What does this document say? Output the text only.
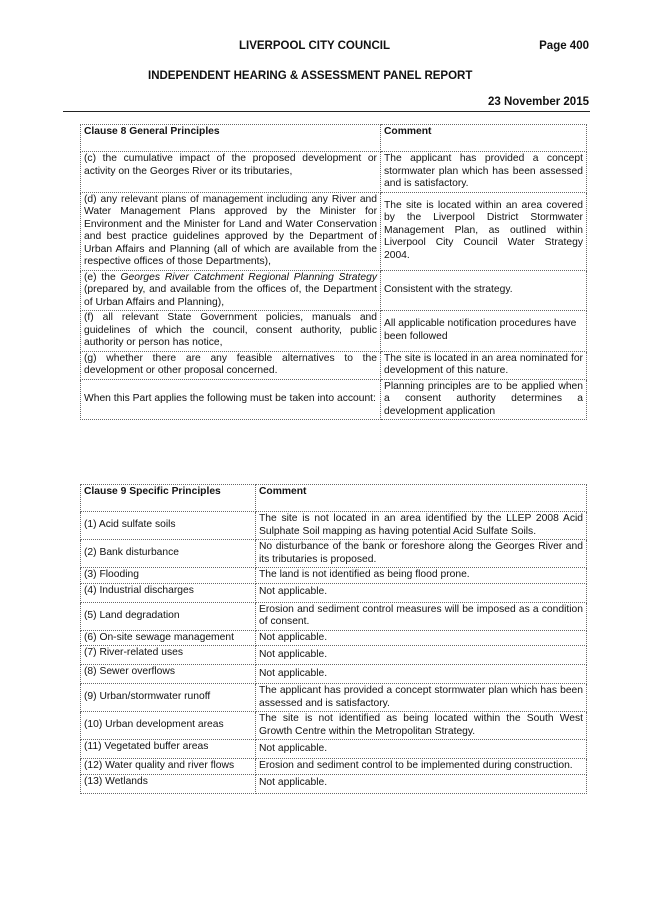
LIVERPOOL CITY COUNCIL	Page 400
INDEPENDENT HEARING & ASSESSMENT PANEL REPORT
23 November 2015
Clause 8 General Principles	Comment
(c) the cumulative impact of the proposed development or activity on the Georges River or its tributaries,	The applicant has provided a concept stormwater plan which has been assessed and is satisfactory.
(d) any relevant plans of management including any River and Water Management Plans approved by the Minister for Environment and the Minister for Land and Water Conservation and best practice guidelines approved by the Department of Urban Affairs and Planning (all of which are available from the respective offices of those Departments),	The site is located within an area covered by the Liverpool District Stormwater Management Plan, as outlined within Liverpool City Council Water Strategy 2004.
(e) the Georges River Catchment Regional Planning Strategy (prepared by, and available from the offices of, the Department of Urban Affairs and Planning),	Consistent with the strategy.
(f) all relevant State Government policies, manuals and guidelines of which the council, consent authority, public authority or person has notice,	All applicable notification procedures have been followed
(g) whether there are any feasible alternatives to the development or other proposal concerned.	The site is located in an area nominated for development of this nature.
When this Part applies the following must be taken into account:	Planning principles are to be applied when a consent authority determines a development application
Clause 9 Specific Principles	Comment
(1) Acid sulfate soils	The site is not located in an area identified by the LLEP 2008 Acid Sulphate Soil mapping as having potential Acid Sulfate Soils.
(2) Bank disturbance	No disturbance of the bank or foreshore along the Georges River and its tributaries is proposed.
(3) Flooding	The land is not identified as being flood prone.
(4) Industrial discharges	Not applicable.
(5) Land degradation	Erosion and sediment control measures will be imposed as a condition of consent.
(6) On-site sewage management	Not applicable.
(7) River-related uses	Not applicable.
(8) Sewer overflows	Not applicable.
(9) Urban/stormwater runoff	The applicant has provided a concept stormwater plan which has been assessed and is satisfactory.
(10) Urban development areas	The site is not identified as being located within the South West Growth Centre within the Metropolitan Strategy.
(11) Vegetated buffer areas	Not applicable.
(12) Water quality and river flows	Erosion and sediment control to be implemented during construction.
(13) Wetlands	Not applicable.
